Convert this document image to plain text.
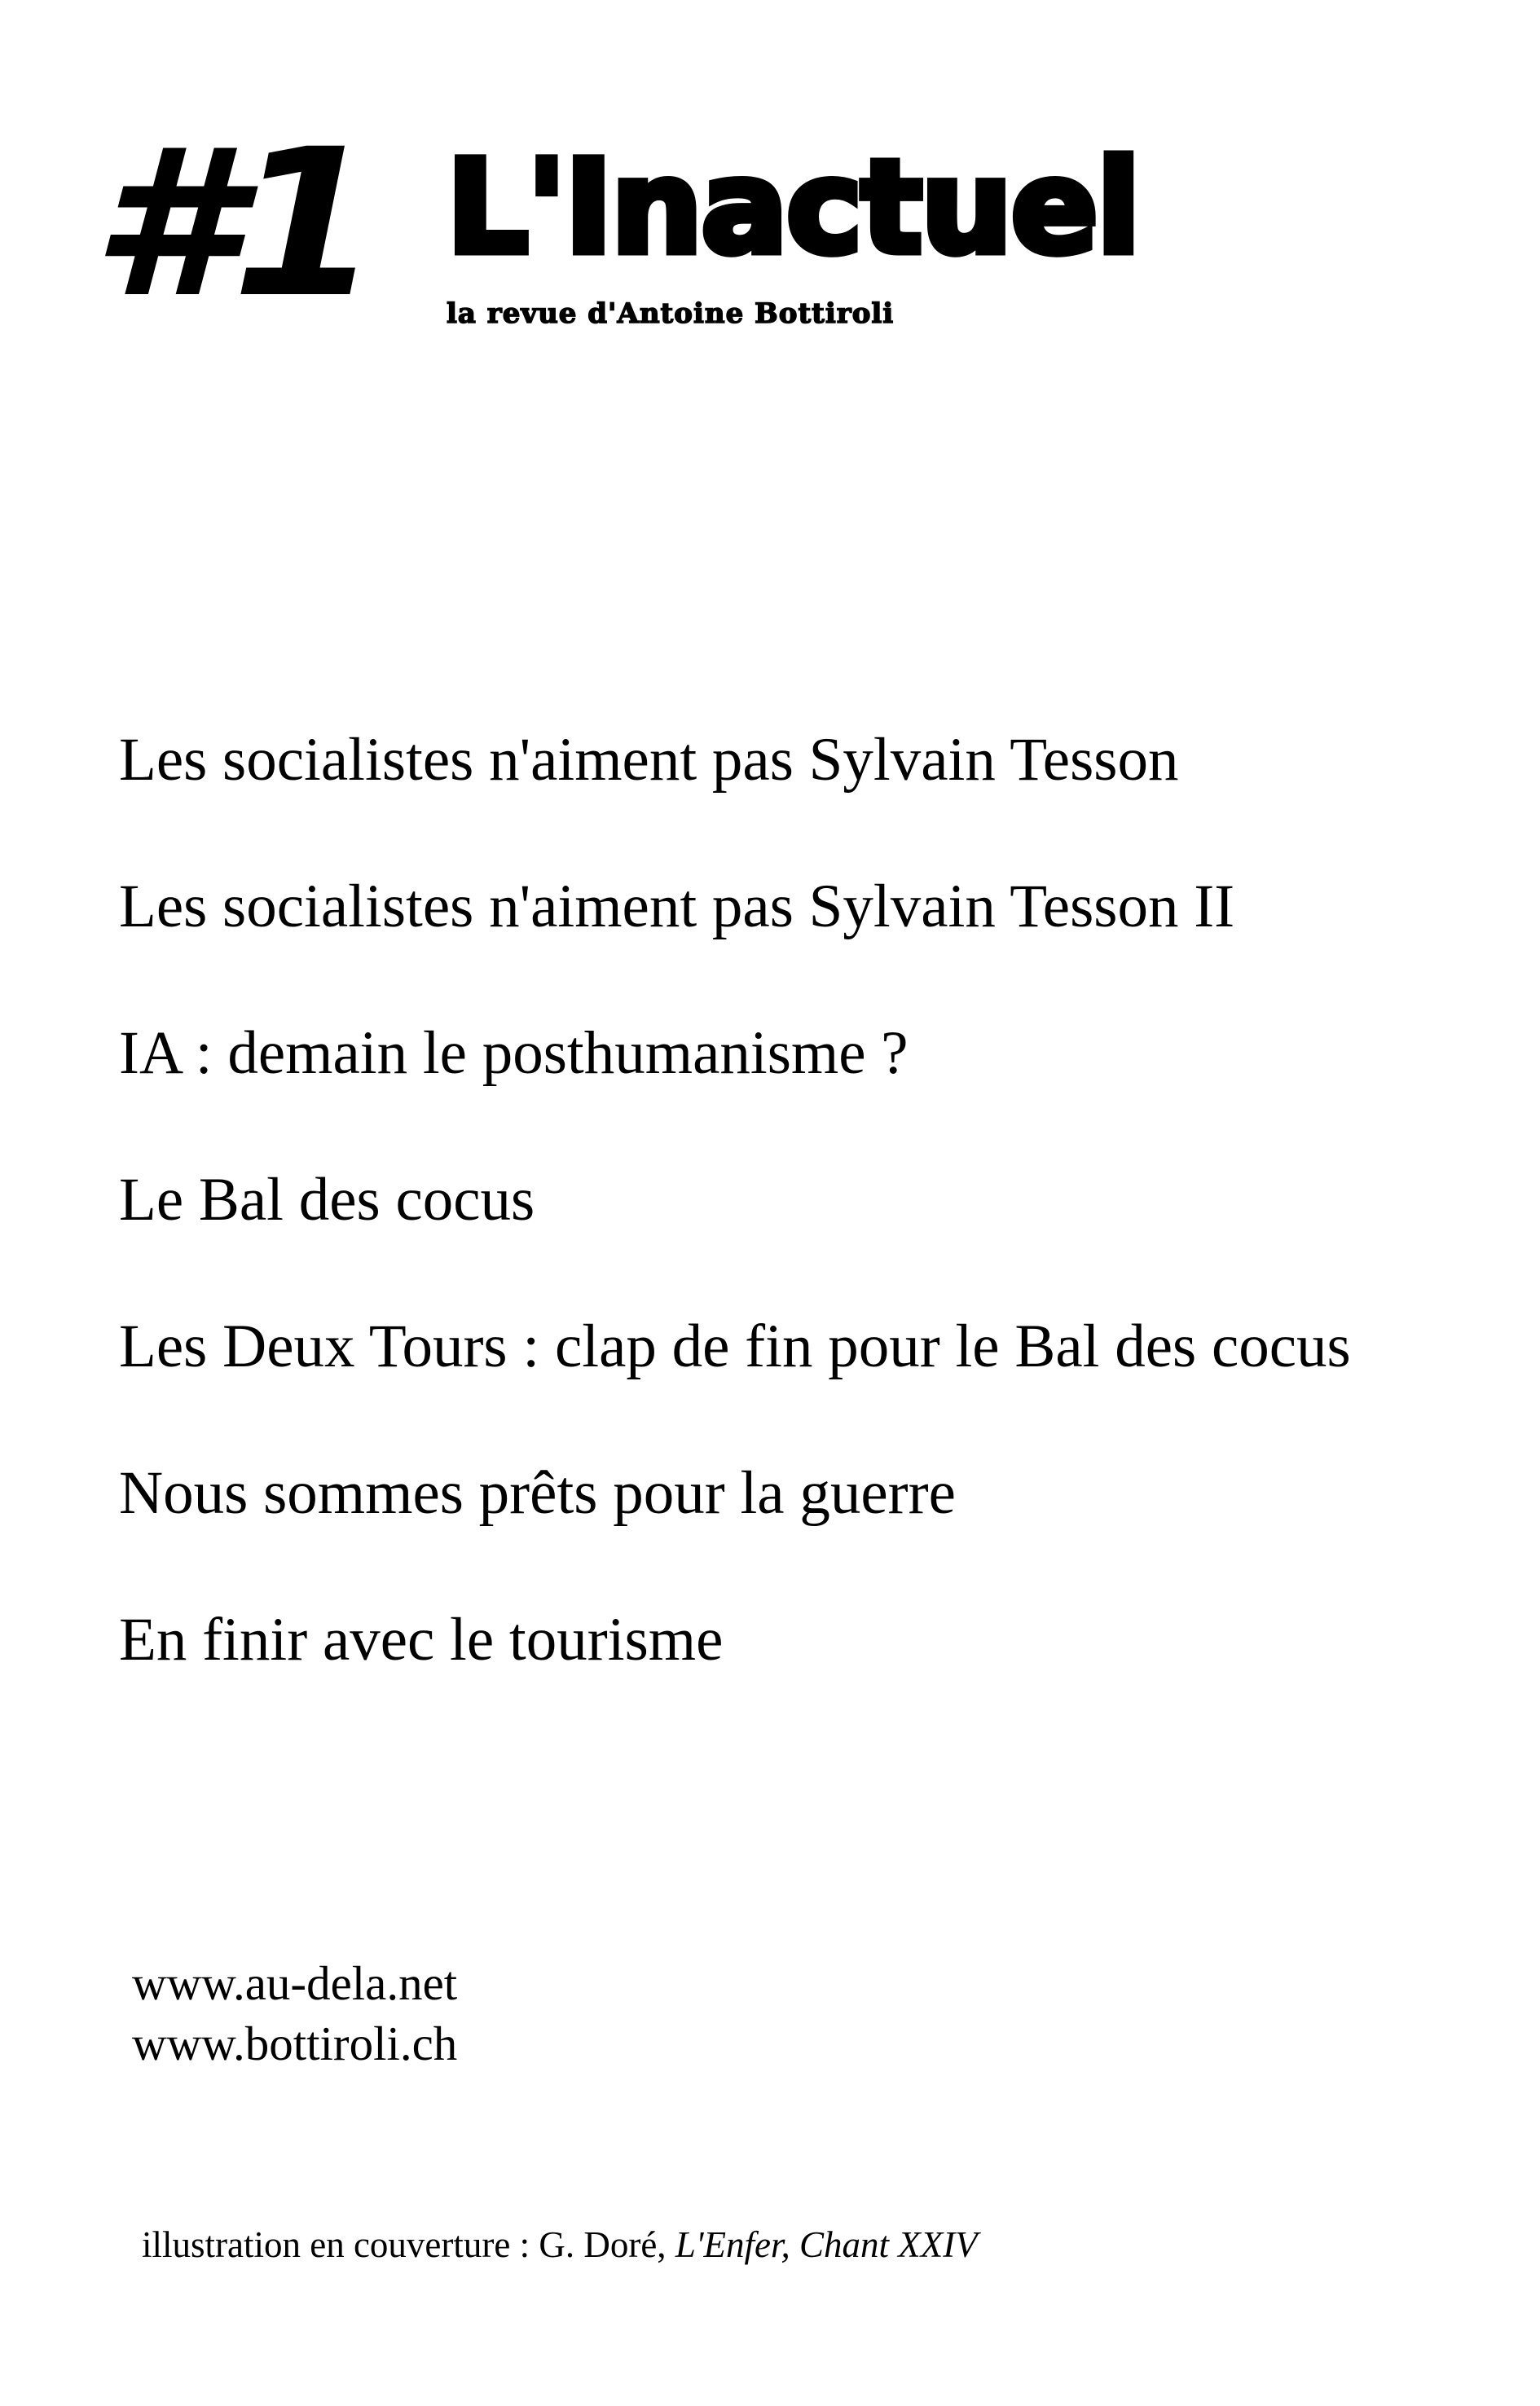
#1 L'Inactuel
la revue d'Antoine Bottiroli
Les socialistes n'aiment pas Sylvain Tesson
Les socialistes n'aiment pas Sylvain Tesson II
IA : demain le posthumanisme ?
Le Bal des cocus
Les Deux Tours : clap de fin pour le Bal des cocus
Nous sommes prêts pour la guerre
En finir avec le tourisme
www.au-dela.net
www.bottiroli.ch
illustration en couverture : G. Doré, L'Enfer, Chant XXIV
